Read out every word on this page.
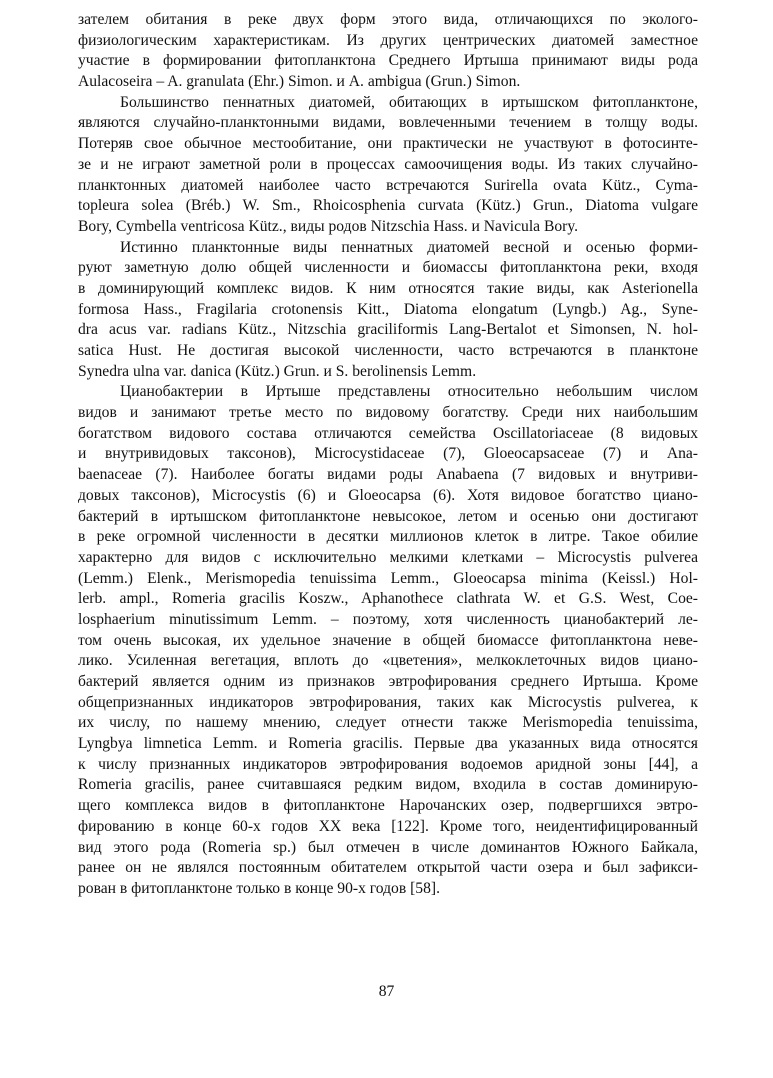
зателем обитания в реке двух форм этого вида, отличающихся по эколого-
физиологическим характеристикам. Из других центрических диатомей заместное
участие в формировании фитопланктона Среднего Иртыша принимают виды рода
Aulacoseira – A. granulata (Ehr.) Simon. и A. ambigua (Grun.) Simon.
Большинство пеннатных диатомей, обитающих в иртышском фитопланктоне,
являются случайно-планктонными видами, вовлеченными течением в толщу воды.
Потеряв свое обычное местообитание, они практически не участвуют в фотосинте-
зе и не играют заметной роли в процессах самоочищения воды. Из таких случайно-
планктонных диатомей наиболее часто встречаются Surirella ovata Kütz., Cyma-
topleura solea (Bréb.) W. Sm., Rhoicosphenia curvata (Kütz.) Grun., Diatoma vulgare
Bory, Cymbella ventricosa Kütz., виды родов Nitzschia Hass. и Navicula Bory.
Истинно планктонные виды пеннатных диатомей весной и осенью форми-
руют заметную долю общей численности и биомассы фитопланктона реки, входя
в доминирующий комплекс видов. К ним относятся такие виды, как Asterionella
formosa Hass., Fragilaria crotonensis Kitt., Diatoma elongatum (Lyngb.) Ag., Syne-
dra acus var. radians Kütz., Nitzschia graciliformis Lang-Bertalot et Simonsen, N. hol-
satica Hust. Не достигая высокой численности, часто встречаются в планктоне
Synedra ulna var. danica (Kütz.) Grun. и S. berolinensis Lemm.
Цианобактерии в Иртыше представлены относительно небольшим числом
видов и занимают третье место по видовому богатству. Среди них наибольшим
богатством видового состава отличаются семейства Oscillatoriaceae (8 видовых
и внутривидовых таксонов), Microcystidaceae (7), Gloeocapsaceae (7) и Ana-
baenaceae (7). Наиболее богаты видами роды Anabaena (7 видовых и внутриви-
довых таксонов), Microcystis (6) и Gloeocapsa (6). Хотя видовое богатство циано-
бактерий в иртышском фитопланктоне невысокое, летом и осенью они достигают
в реке огромной численности в десятки миллионов клеток в литре. Такое обилие
характерно для видов с исключительно мелкими клетками – Microcystis pulverea
(Lemm.) Elenk., Merismopedia tenuissima Lemm., Gloeocapsa minima (Keissl.) Hol-
lerb. ampl., Romeria gracilis Koszw., Aphanothece clathrata W. et G.S. West, Coe-
losphaerium minutissimum Lemm. – поэтому, хотя численность цианобактерий ле-
том очень высокая, их удельное значение в общей биомассе фитопланктона неве-
лико. Усиленная вегетация, вплоть до «цветения», мелкоклеточных видов циано-
бактерий является одним из признаков эвтрофирования среднего Иртыша. Кроме
общепризнанных индикаторов эвтрофирования, таких как Microcystis pulverea, к
их числу, по нашему мнению, следует отнести также Merismopedia tenuissima,
Lyngbya limnetica Lemm. и Romeria gracilis. Первые два указанных вида относятся
к числу признанных индикаторов эвтрофирования водоемов аридной зоны [44], а
Romeria gracilis, ранее считавшаяся редким видом, входила в состав доминирую-
щего комплекса видов в фитопланктоне Нарочанских озер, подвергшихся эвтро-
фированию в конце 60-х годов XX века [122]. Кроме того, неидентифицированный
вид этого рода (Romeria sp.) был отмечен в числе доминантов Южного Байкала,
ранее он не являлся постоянным обитателем открытой части озера и был зафикси-
рован в фитопланктоне только в конце 90-х годов [58].
87
